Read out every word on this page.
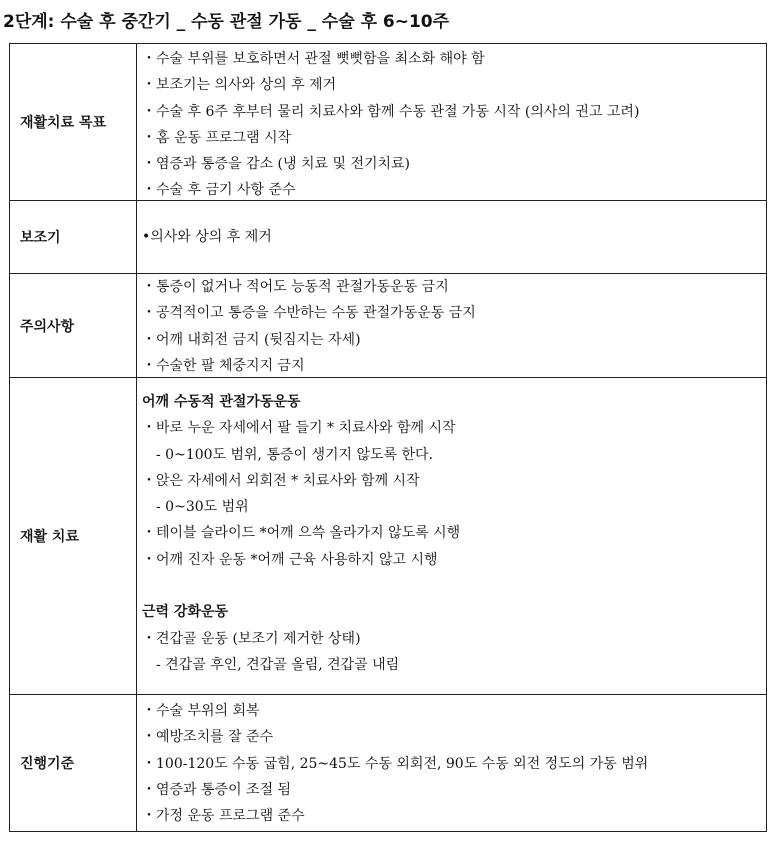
2단계: 수술 후 중간기 _ 수동 관절 가동 _ 수술 후 6~10주
재활치료 목표
・수술 부위를 보호하면서 관절 뻣뻣함을 최소화 해야 함
・보조기는 의사와 상의 후 제거
・수술 후 6주 후부터 물리 치료사와 함께 수동 관절 가동 시작 (의사의 권고 고려)
・홈 운동 프로그램 시작
・염증과 통증을 감소 (냉 치료 및 전기치료)
・수술 후 금기 사항 준수
보조기	•의사와 상의 후 제거
주의사항
・통증이 없거나 적어도 능동적 관절가동운동 금지
・공격적이고 통증을 수반하는 수동 관절가동운동 금지
・어깨 내회전 금지 (뒷짐지는 자세)
・수술한 팔 체중지지 금지
재활 치료
어깨 수동적 관절가동운동
・바로 누운 자세에서 팔 들기 * 치료사와 함께 시작
- 0~100도 범위, 통증이 생기지 않도록 한다.
・앉은 자세에서 외회전 * 치료사와 함께 시작
- 0~30도 범위
・테이블 슬라이드 *어깨 으쓱 올라가지 않도록 시행
・어깨 진자 운동 *어깨 근육 사용하지 않고 시행
근력 강화운동
・견갑골 운동 (보조기 제거한 상태)
- 견갑골 후인, 견갑골 올림, 견갑골 내림
진행기준
・수술 부위의 회복
・예방조치를 잘 준수
・100-120도 수동 굽힘, 25~45도 수동 외회전, 90도 수동 외전 정도의 가동 범위
・염증과 통증이 조절 됨
・가정 운동 프로그램 준수
